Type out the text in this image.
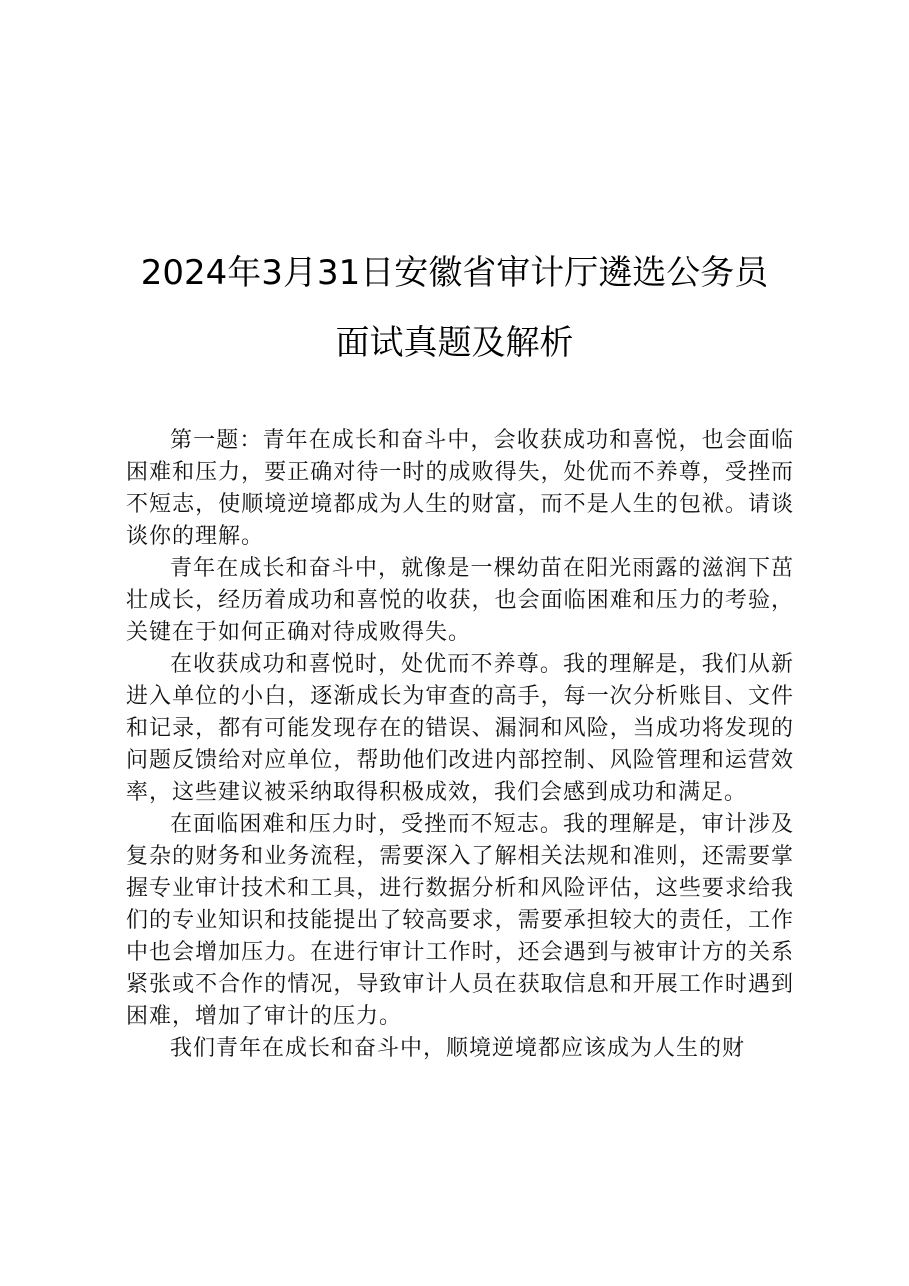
2024年3月31日安徽省审计厅遴选公务员
面试真题及解析

第一题：青年在成长和奋斗中，会收获成功和喜悦，也会面临困难和压力，要正确对待一时的成败得失，处优而不养尊，受挫而不短志，使顺境逆境都成为人生的财富，而不是人生的包袱。请谈谈你的理解。

青年在成长和奋斗中，就像是一棵幼苗在阳光雨露的滋润下茁壮成长，经历着成功和喜悦的收获，也会面临困难和压力的考验，关键在于如何正确对待成败得失。

在收获成功和喜悦时，处优而不养尊。我的理解是，我们从新进入单位的小白，逐渐成长为审查的高手，每一次分析账目、文件和记录，都有可能发现存在的错误、漏洞和风险，当成功将发现的问题反馈给对应单位，帮助他们改进内部控制、风险管理和运营效率，这些建议被采纳取得积极成效，我们会感到成功和满足。

在面临困难和压力时，受挫而不短志。我的理解是，审计涉及复杂的财务和业务流程，需要深入了解相关法规和准则，还需要掌握专业审计技术和工具，进行数据分析和风险评估，这些要求给我们的专业知识和技能提出了较高要求，需要承担较大的责任，工作中也会增加压力。在进行审计工作时，还会遇到与被审计方的关系紧张或不合作的情况，导致审计人员在获取信息和开展工作时遇到困难，增加了审计的压力。

我们青年在成长和奋斗中，顺境逆境都应该成为人生的财
